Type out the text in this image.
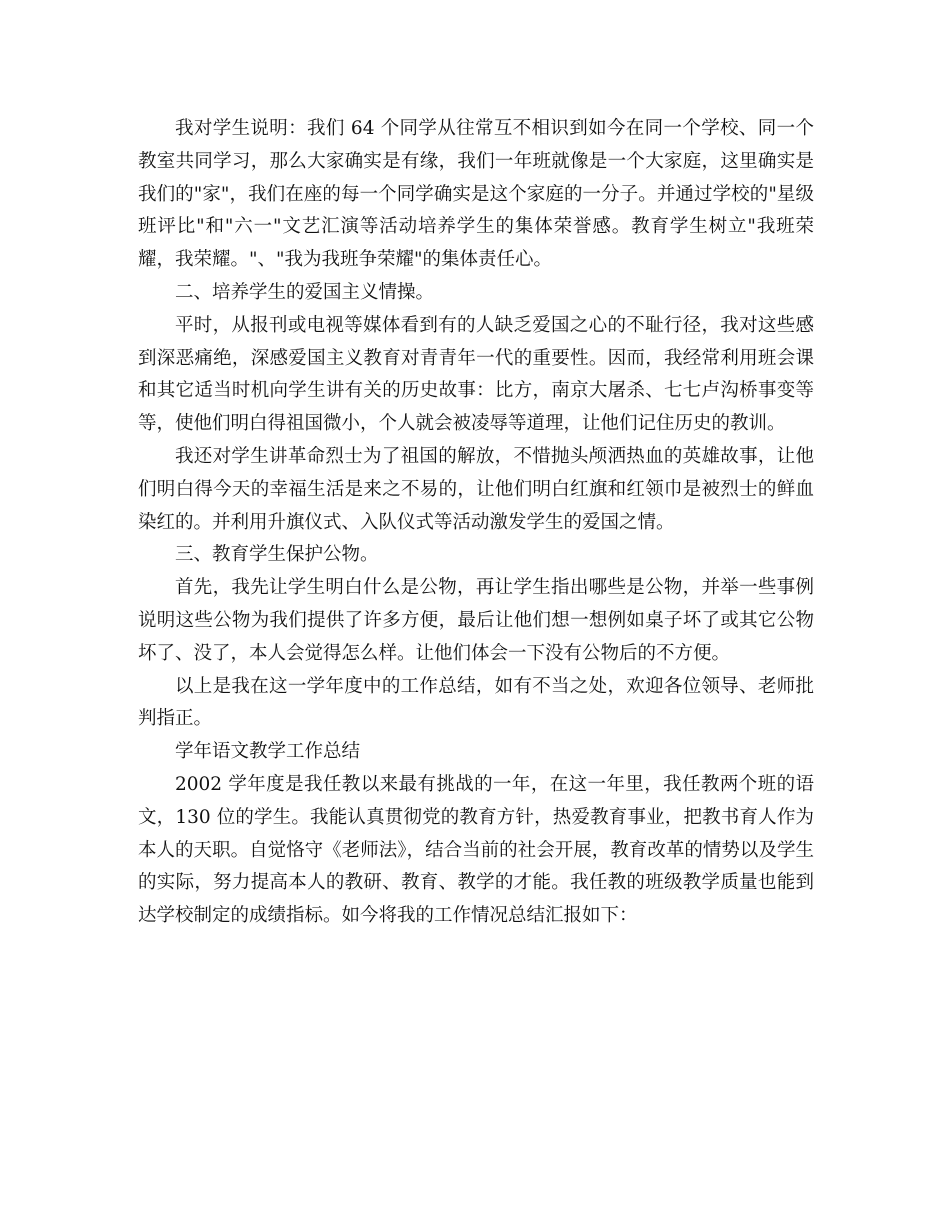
我对学生说明：我们 64 个同学从往常互不相识到如今在同一个学校、同一个教室共同学习，那么大家确实是有缘，我们一年班就像是一个大家庭，这里确实是我们的"家"，我们在座的每一个同学确实是这个家庭的一分子。并通过学校的"星级班评比"和"六一"文艺汇演等活动培养学生的集体荣誉感。教育学生树立"我班荣耀，我荣耀。"、"我为我班争荣耀"的集体责任心。

二、培养学生的爱国主义情操。

平时，从报刊或电视等媒体看到有的人缺乏爱国之心的不耻行径，我对这些感到深恶痛绝，深感爱国主义教育对青青年一代的重要性。因而，我经常利用班会课和其它适当时机向学生讲有关的历史故事：比方，南京大屠杀、七七卢沟桥事变等等，使他们明白得祖国微小，个人就会被凌辱等道理，让他们记住历史的教训。

我还对学生讲革命烈士为了祖国的解放，不惜抛头颅洒热血的英雄故事，让他们明白得今天的幸福生活是来之不易的，让他们明白红旗和红领巾是被烈士的鲜血染红的。并利用升旗仪式、入队仪式等活动激发学生的爱国之情。

三、教育学生保护公物。

首先，我先让学生明白什么是公物，再让学生指出哪些是公物，并举一些事例说明这些公物为我们提供了许多方便，最后让他们想一想例如桌子坏了或其它公物坏了、没了，本人会觉得怎么样。让他们体会一下没有公物后的不方便。

以上是我在这一学年度中的工作总结，如有不当之处，欢迎各位领导、老师批判指正。

学年语文教学工作总结

2002 学年度是我任教以来最有挑战的一年，在这一年里，我任教两个班的语文，130 位的学生。我能认真贯彻党的教育方针，热爱教育事业，把教书育人作为本人的天职。自觉恪守《老师法》，结合当前的社会开展，教育改革的情势以及学生的实际，努力提高本人的教研、教育、教学的才能。我任教的班级教学质量也能到达学校制定的成绩指标。如今将我的工作情况总结汇报如下：
